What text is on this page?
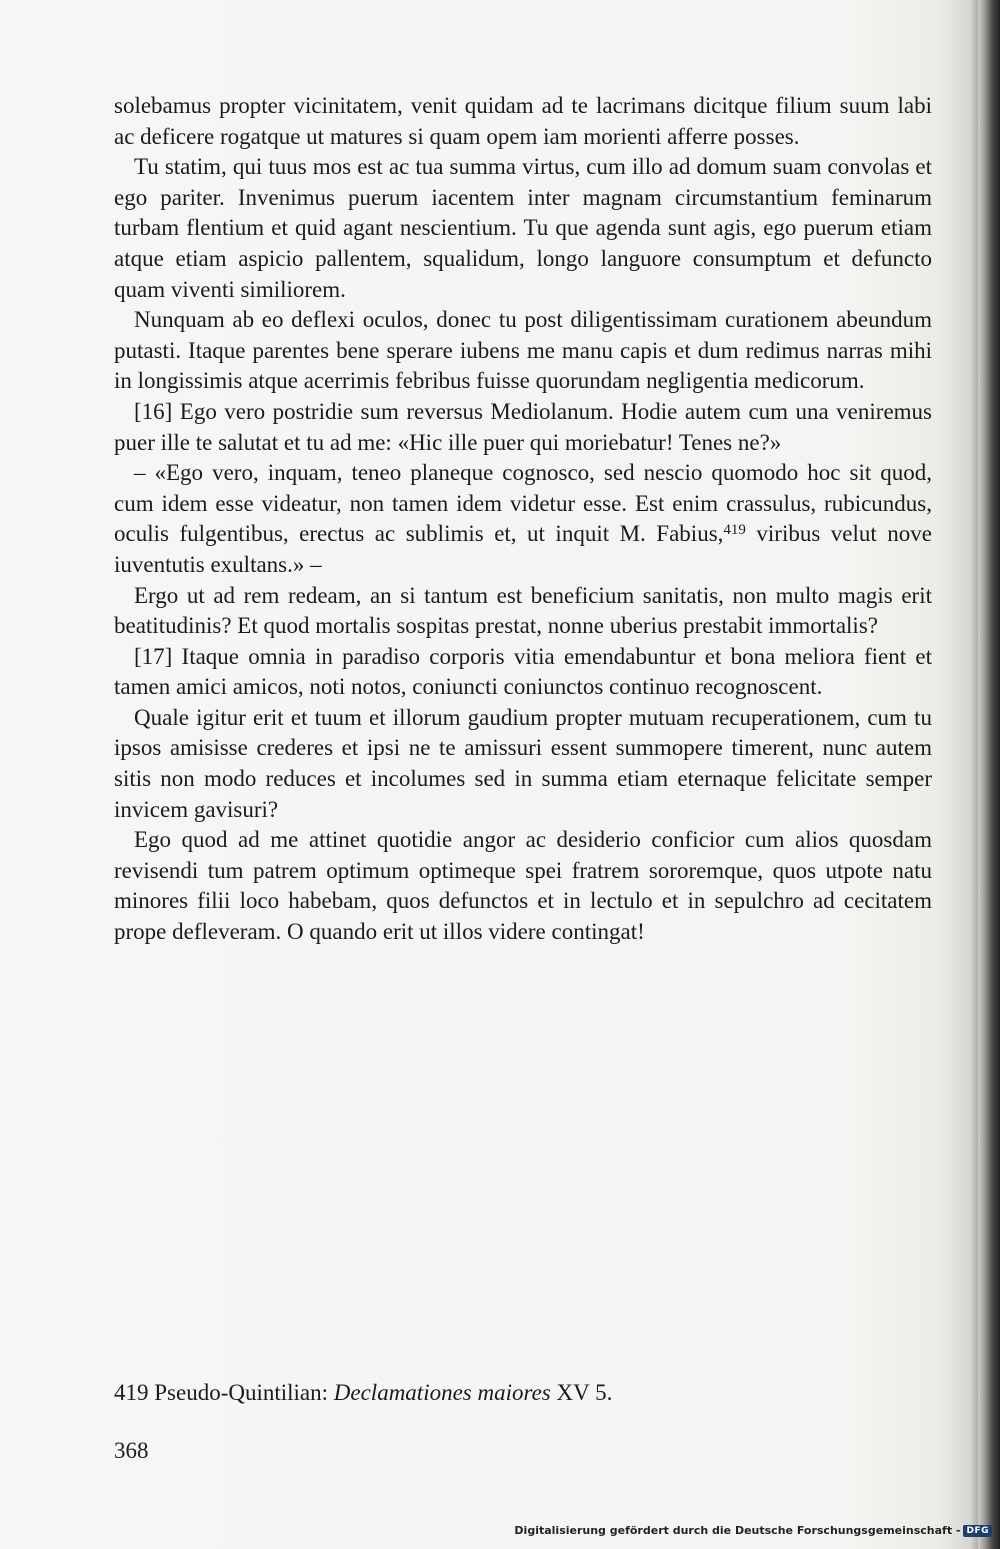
solebamus propter vicinitatem, venit quidam ad te lacrimans dicitque filium suum labi ac deficere rogatque ut matures si quam opem iam morienti afferre posses.

Tu statim, qui tuus mos est ac tua summa virtus, cum illo ad domum suam convolas et ego pariter. Invenimus puerum iacentem inter magnam circumstantium feminarum turbam flentium et quid agant nescientium. Tu que agenda sunt agis, ego puerum etiam atque etiam aspicio pallentem, squalidum, longo languore consumptum et defuncto quam viventi similiorem.

Nunquam ab eo deflexi oculos, donec tu post diligentissimam curationem abeundum putasti. Itaque parentes bene sperare iubens me manu capis et dum redimus narras mihi in longissimis atque acerrimis febribus fuisse quorundam negligentia medicorum.

[16] Ego vero postridie sum reversus Mediolanum. Hodie autem cum una veniremus puer ille te salutat et tu ad me: «Hic ille puer qui moriebatur! Tenes ne?»

– «Ego vero, inquam, teneo planeque cognosco, sed nescio quomodo hoc sit quod, cum idem esse videatur, non tamen idem videtur esse. Est enim crassulus, rubicundus, oculis fulgentibus, erectus ac sublimis et, ut inquit M. Fabius,$^{419}$ viribus velut nove iuventutis exultans.» –

Ergo ut ad rem redeam, an si tantum est beneficium sanitatis, non multo magis erit beatitudinis? Et quod mortalis sospitas prestat, nonne uberius prestabit immortalis?

[17] Itaque omnia in paradiso corporis vitia emendabuntur et bona meliora fient et tamen amici amicos, noti notos, coniuncti coniunctos continuo recognoscent.

Quale igitur erit et tuum et illorum gaudium propter mutuam recuperationem, cum tu ipsos amisisse crederes et ipsi ne te amissuri essent summopere timerent, nunc autem sitis non modo reduces et incolumes sed in summa etiam eternaque felicitate semper invicem gavisuri?

Ego quod ad me attinet quotidie angor ac desiderio conficior cum alios quosdam revisendi tum patrem optimum optimeque spei fratrem sororemque, quos utpote natu minores filii loco habebam, quos defunctos et in lectulo et in sepulchro ad cecitatem prope defleveram. O quando erit ut illos videre contingat!

419 Pseudo-Quintilian: Declamationes maiores XV 5.
368
Digitalisierung gefördert durch die Deutsche Forschungsgemeinschaft - DFG
